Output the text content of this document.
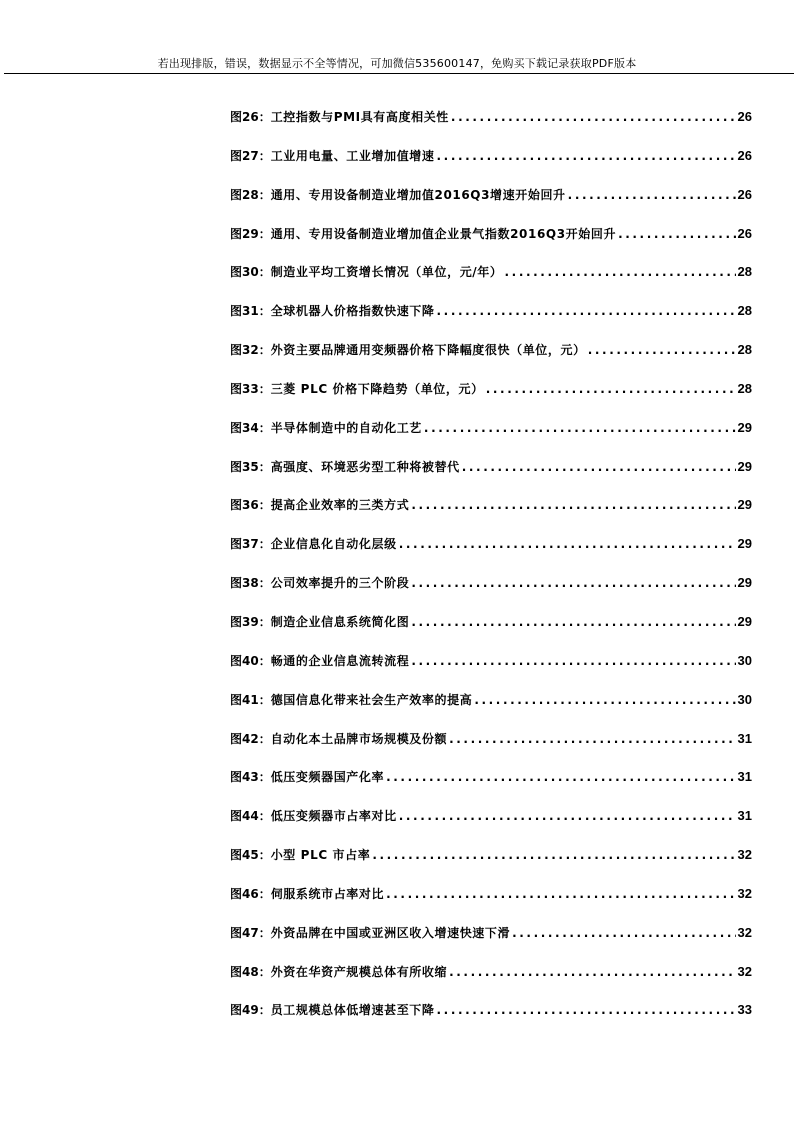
若出现排版，错误，数据显示不全等情况，可加微信535600147，免购买下载记录获取PDF版本
图26： 工控指数与PMI具有高度相关性 .....	26
图27： 工业用电量、工业增加值增速 .....	26
图28： 通用、专用设备制造业增加值2016Q3增速开始回升 .....	26
图29： 通用、专用设备制造业增加值企业景气指数2016Q3开始回升 .....	26
图30： 制造业平均工资增长情况（单位，元/年） .....	28
图31： 全球机器人价格指数快速下降 .....	28
图32： 外资主要品牌通用变频器价格下降幅度很快（单位，元） .....	28
图33： 三菱 PLC 价格下降趋势（单位，元） .....	28
图34： 半导体制造中的自动化工艺 .....	29
图35： 高强度、环境恶劣型工种将被替代 .....	29
图36： 提高企业效率的三类方式 .....	29
图37： 企业信息化自动化层级 .....	29
图38： 公司效率提升的三个阶段 .....	29
图39： 制造企业信息系统简化图 .....	29
图40： 畅通的企业信息流转流程 .....	30
图41： 德国信息化带来社会生产效率的提高 .....	30
图42： 自动化本土品牌市场规模及份额 .....	31
图43： 低压变频器国产化率 .....	31
图44： 低压变频器市占率对比 .....	31
图45： 小型 PLC 市占率 .....	32
图46： 伺服系统市占率对比 .....	32
图47： 外资品牌在中国或亚洲区收入增速快速下滑 .....	32
图48： 外资在华资产规模总体有所收缩 .....	32
图49： 员工规模总体低增速甚至下降 .....	33
